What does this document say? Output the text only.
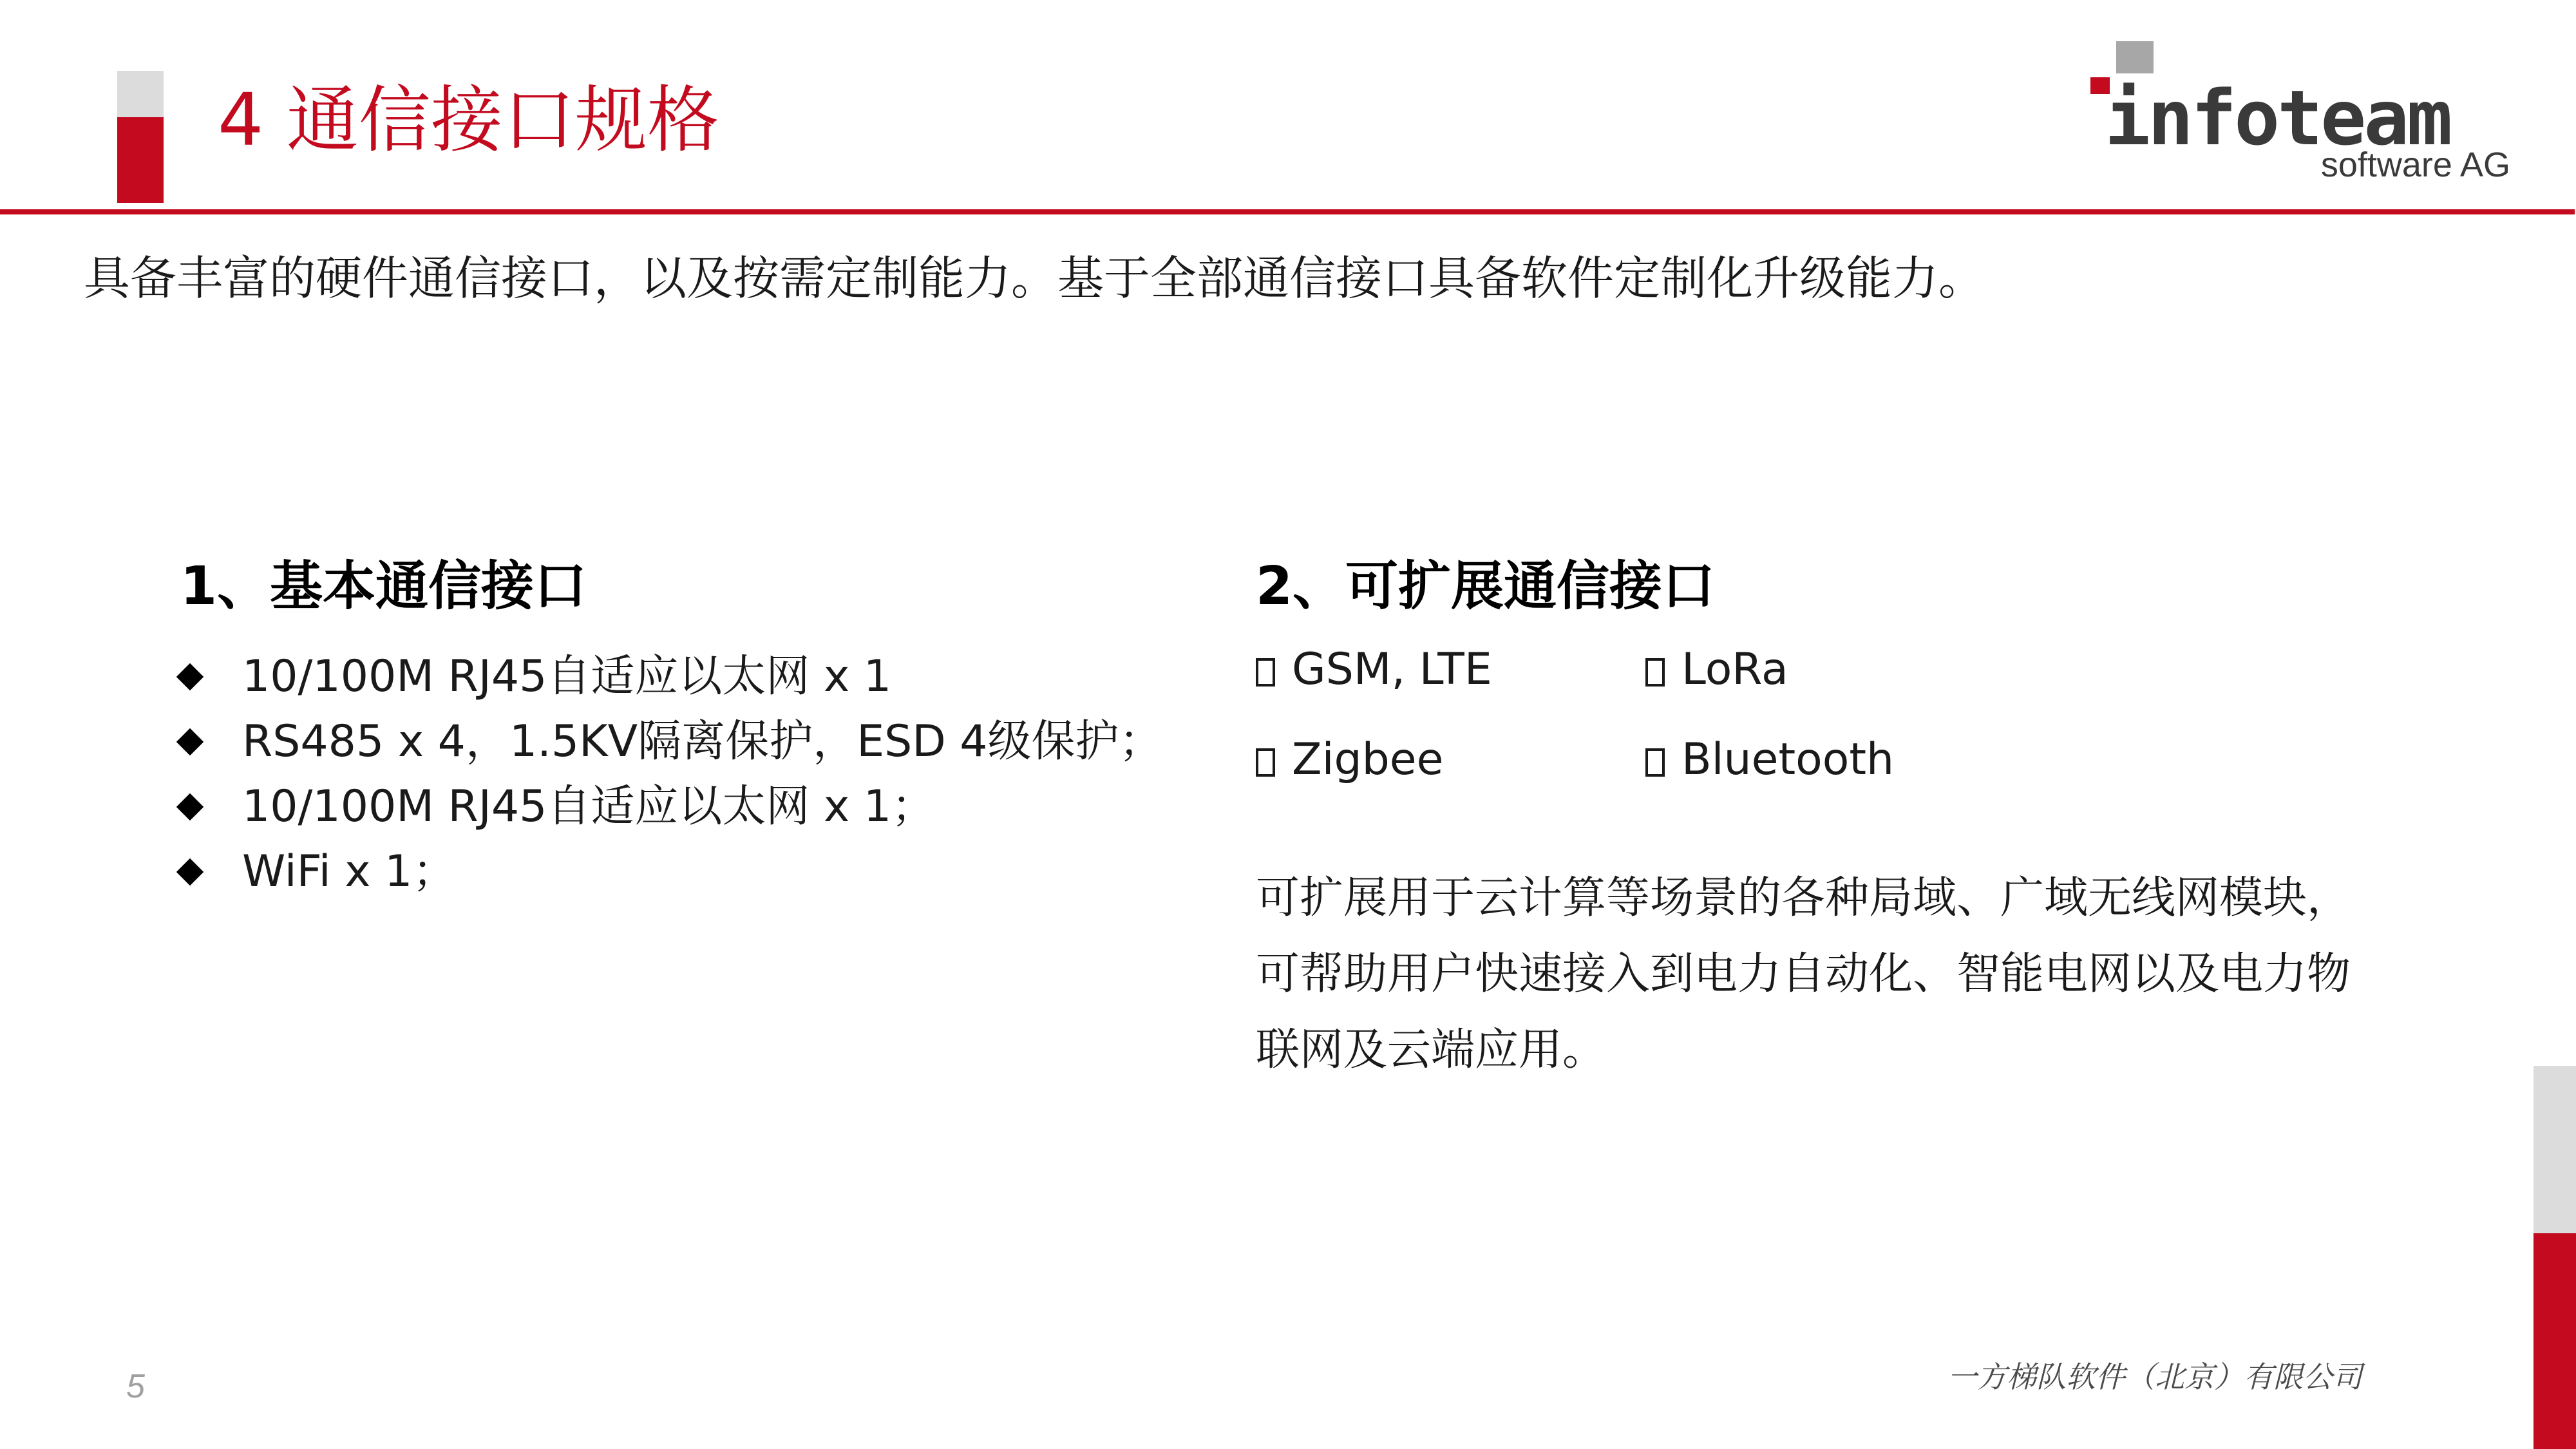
4 通信接口规格	infoteam
software AG
具备丰富的硬件通信接口，以及按需定制能力。基于全部通信接口具备软件定制化升级能力。
1、基本通信接口
10/100M RJ45自适应以太网 x 1
RS485 x 4，1.5KV隔离保护，ESD 4级保护；
10/100M RJ45自适应以太网 x 1；
WiFi x 1；
2、可扩展通信接口
GSM, LTE	LoRa
Zigbee	Bluetooth
可扩展用于云计算等场景的各种局域、广域无线网模块，
可帮助用户快速接入到电力自动化、智能电网以及电力物
联网及云端应用。
5	一方梯队软件（北京）有限公司
